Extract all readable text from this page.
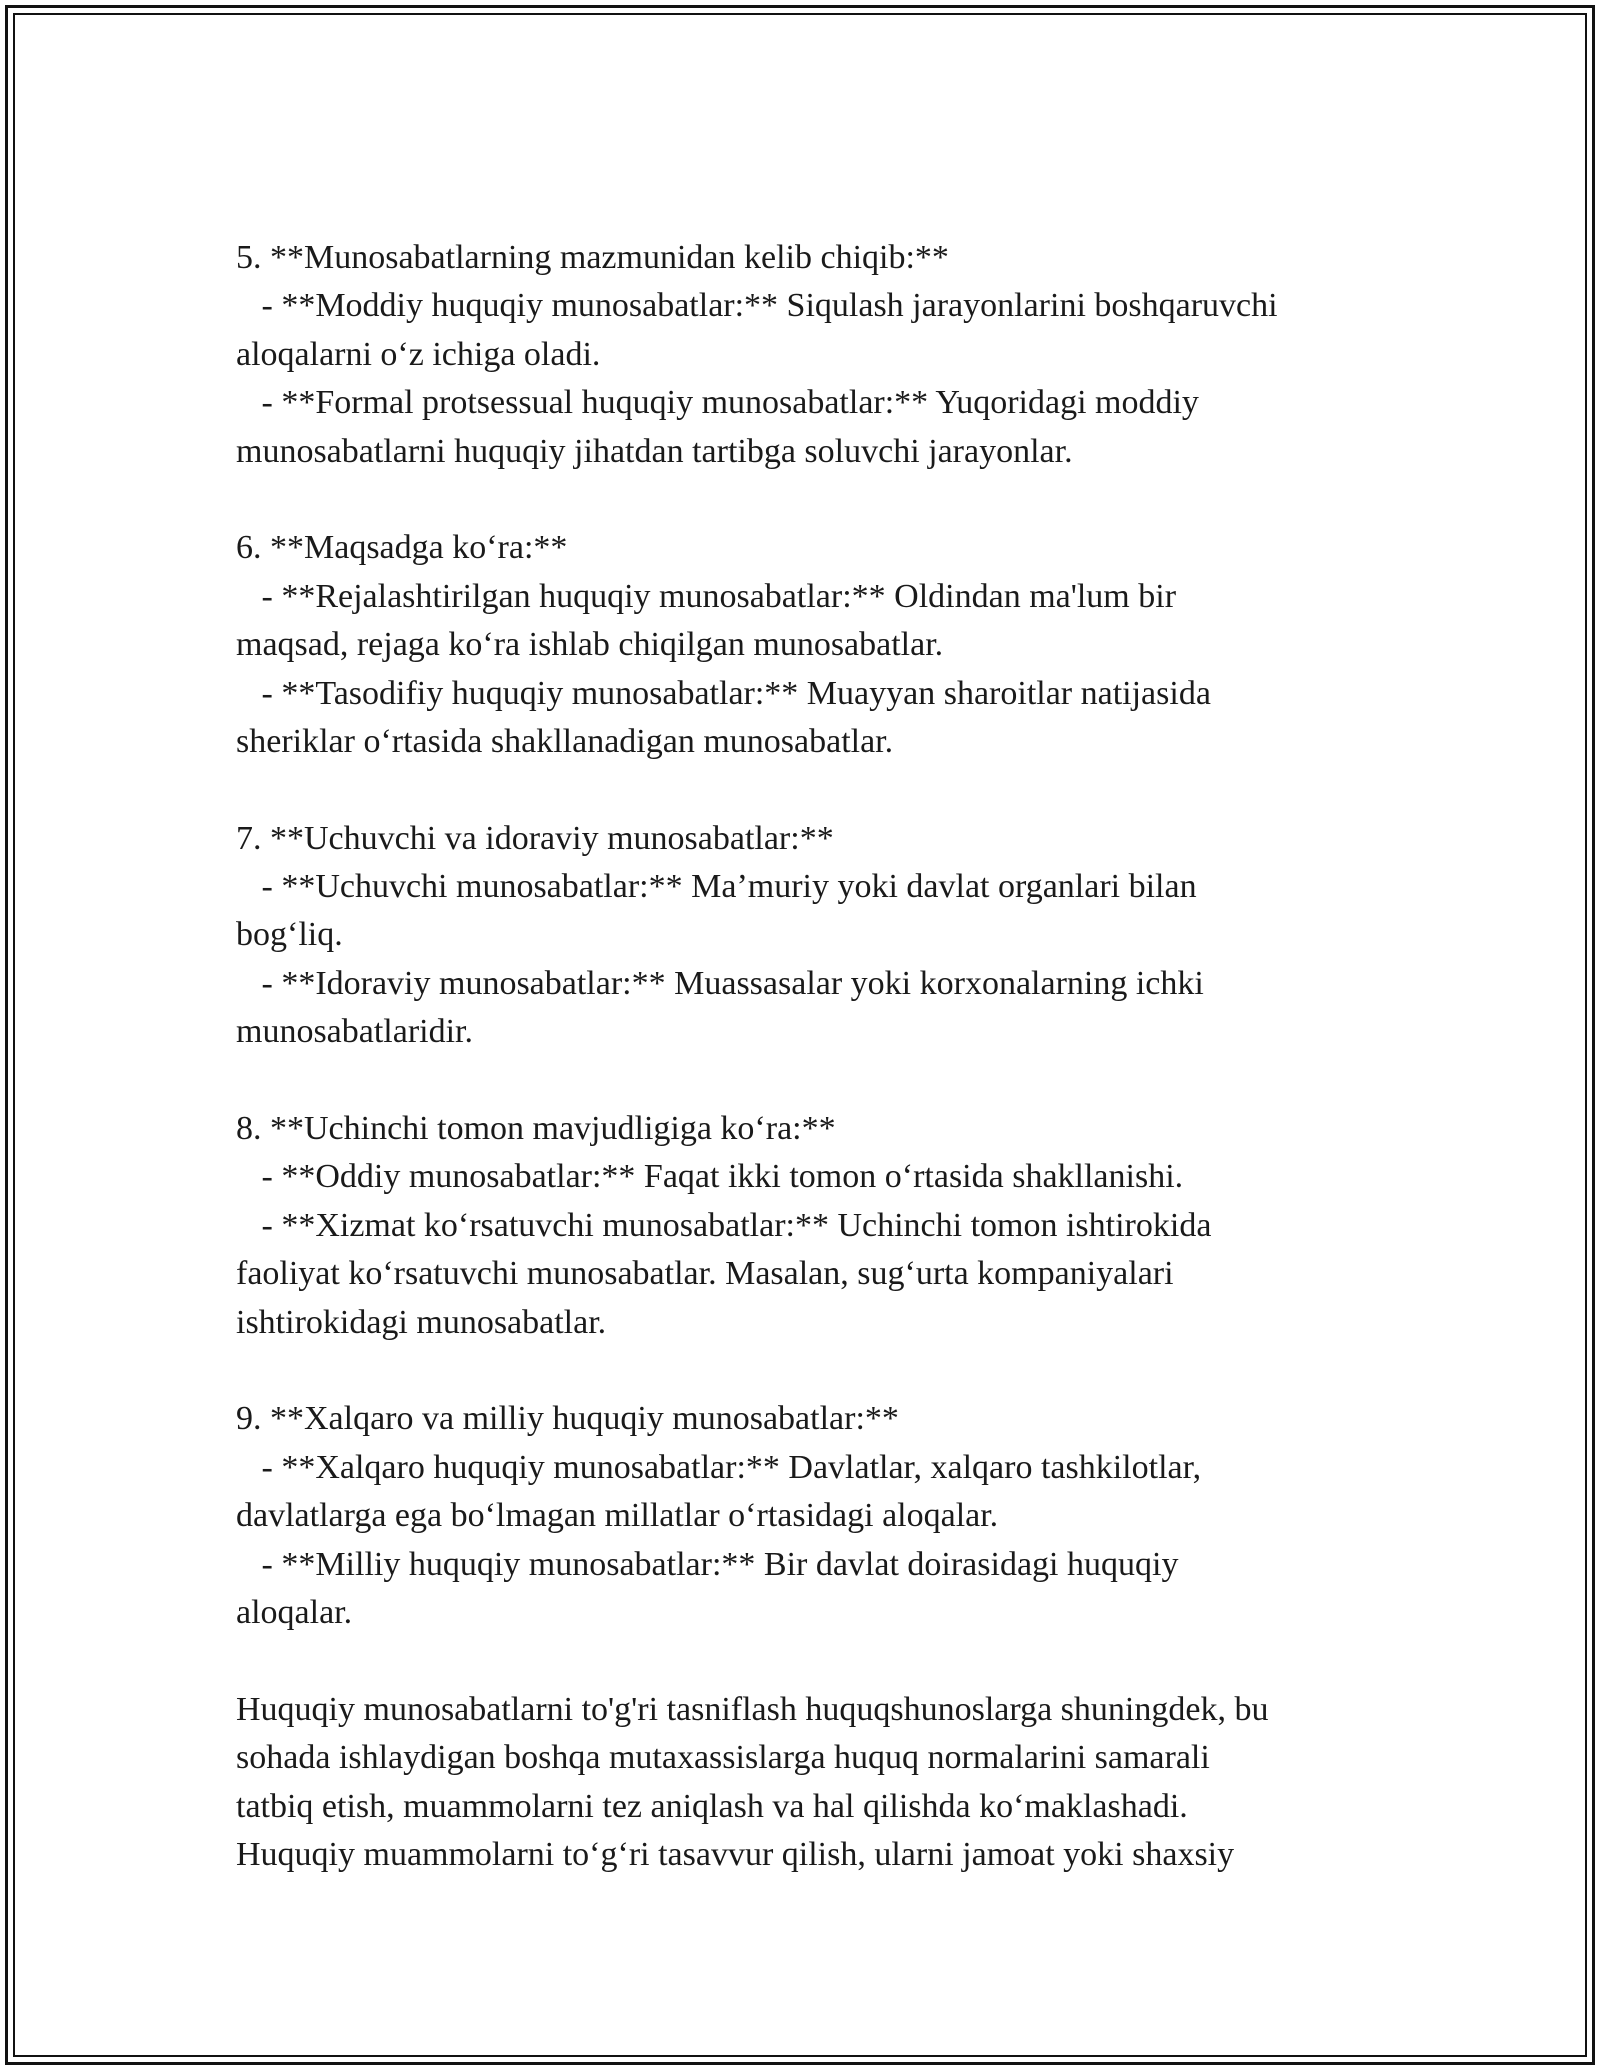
5. **Munosabatlarning mazmunidan kelib chiqib:**
- **Moddiy huquqiy munosabatlar:** Siqulash jarayonlarini boshqaruvchi
aloqalarni o‘z ichiga oladi.
- **Formal protsessual huquqiy munosabatlar:** Yuqoridagi moddiy
munosabatlarni huquqiy jihatdan tartibga soluvchi jarayonlar.
6. **Maqsadga ko‘ra:**
- **Rejalashtirilgan huquqiy munosabatlar:** Oldindan ma'lum bir
maqsad, rejaga ko‘ra ishlab chiqilgan munosabatlar.
- **Tasodifiy huquqiy munosabatlar:** Muayyan sharoitlar natijasida
sheriklar o‘rtasida shakllanadigan munosabatlar.
7. **Uchuvchi va idoraviy munosabatlar:**
- **Uchuvchi munosabatlar:** Ma’muriy yoki davlat organlari bilan
bog‘liq.
- **Idoraviy munosabatlar:** Muassasalar yoki korxonalarning ichki
munosabatlaridir.
8. **Uchinchi tomon mavjudligiga ko‘ra:**
- **Oddiy munosabatlar:** Faqat ikki tomon o‘rtasida shakllanishi.
- **Xizmat ko‘rsatuvchi munosabatlar:** Uchinchi tomon ishtirokida
faoliyat ko‘rsatuvchi munosabatlar. Masalan, sug‘urta kompaniyalari
ishtirokidagi munosabatlar.
9. **Xalqaro va milliy huquqiy munosabatlar:**
- **Xalqaro huquqiy munosabatlar:** Davlatlar, xalqaro tashkilotlar,
davlatlarga ega bo‘lmagan millatlar o‘rtasidagi aloqalar.
- **Milliy huquqiy munosabatlar:** Bir davlat doirasidagi huquqiy
aloqalar.
Huquqiy munosabatlarni to'g'ri tasniflash huquqshunoslarga shuningdek, bu
sohada ishlaydigan boshqa mutaxassislarga huquq normalarini samarali
tatbiq etish, muammolarni tez aniqlash va hal qilishda ko‘maklashadi.
Huquqiy muammolarni to‘g‘ri tasavvur qilish, ularni jamoat yoki shaxsiy
